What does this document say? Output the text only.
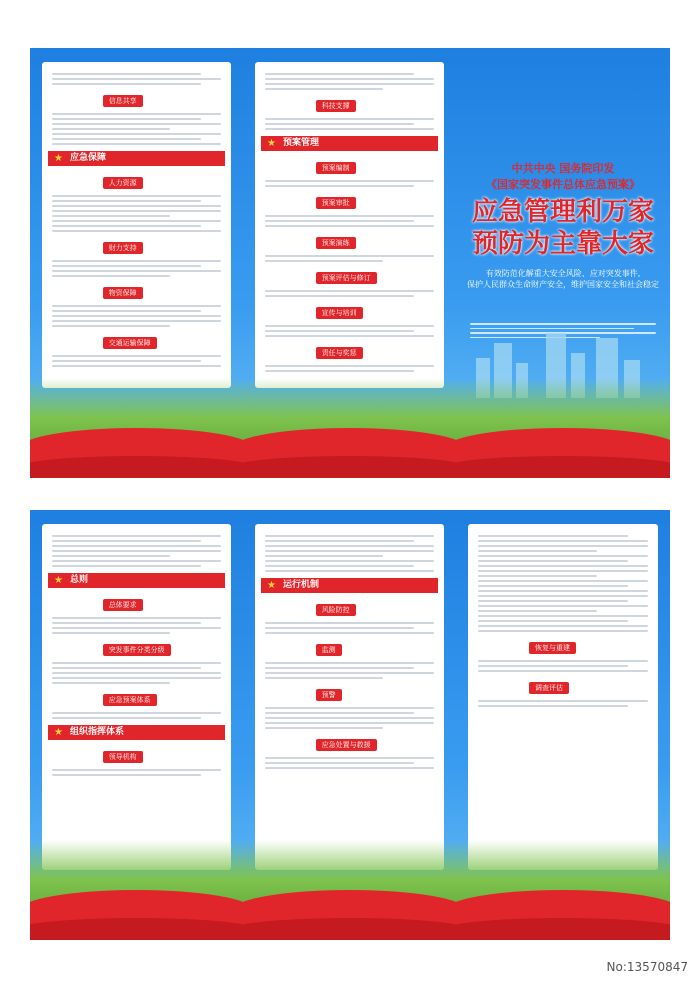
信息共享
★ 应急保障
人力资源
财力支持
物资保障
交通运输保障
科技支撑
★ 预案管理
预案编制
预案审批
预案演练
预案评估与修订
宣传与培训
责任与奖惩
中共中央 国务院印发
《国家突发事件总体应急预案》
应急管理利万家
预防为主靠大家
有效防范化解重大安全风险、应对突发事件,
保护人民群众生命财产安全，维护国家安全和社会稳定
★ 总则
总体要求
突发事件分类分级
应急预案体系
★ 组织指挥体系
领导机构
★ 运行机制
风险防控
监测
预警
应急处置与救援
恢复与重建
调查评估
No:13570847
